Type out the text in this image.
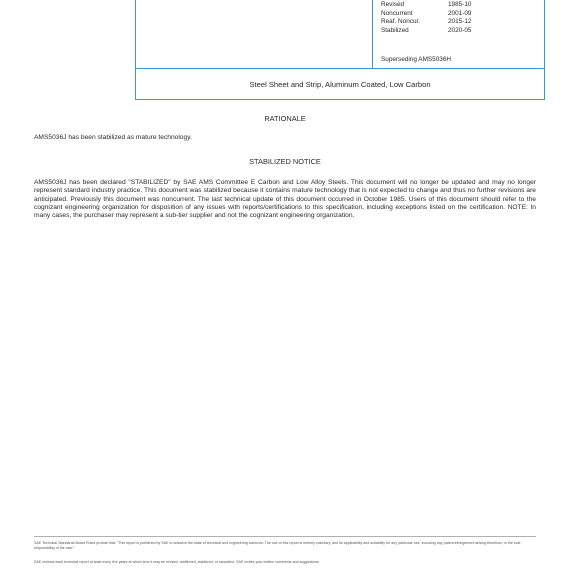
Revised	1985-10
Noncurrent	2001-09
Reaf. Noncur.	2015-12
Stabilized	2020-05
Superseding AMS5036H
Steel Sheet and Strip, Aluminum Coated, Low Carbon
RATIONALE

AMS5036J has been stabilized as mature technology.

STABILIZED NOTICE

AMS5036J has been declared "STABILIZED" by SAE AMS Committee E Carbon and Low Alloy Steels. This document will no longer be updated and may no longer represent standard industry practice. This document was stabilized because it contains mature technology that is not expected to change and thus no further revisions are anticipated. Previously this document was noncurrent. The last technical update of this document occurred in October 1985. Users of this document should refer to the cognizant engineering organization for disposition of any issues with reports/certifications to this specification, including exceptions listed on the certification. NOTE: In many cases, the purchaser may represent a sub-tier supplier and not the cognizant engineering organization.

SAE Technical Standards Board Rules provide that: "This report is published by SAE to advance the state of technical and engineering sciences. The use of this report is entirely voluntary, and its applicability and suitability for any particular use, including any patent infringement arising therefrom, is the sole responsibility of the user."

SAE reviews each technical report at least every five years at which time it may be revised, reaffirmed, stabilized, or cancelled. SAE invites your written comments and suggestions.
